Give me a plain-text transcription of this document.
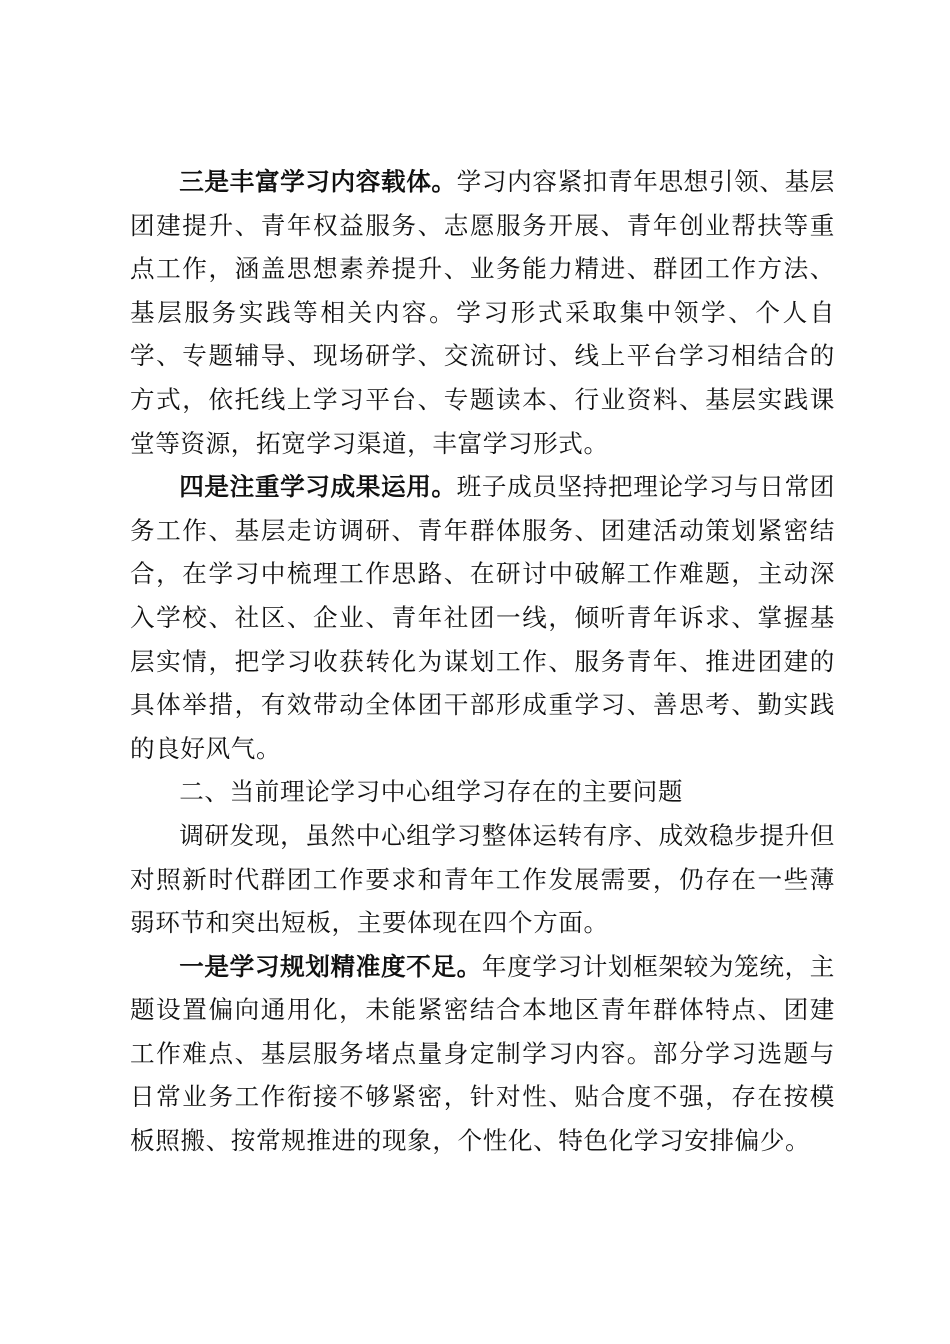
三是丰富学习内容载体。学习内容紧扣青年思想引领、基层团建提升、青年权益服务、志愿服务开展、青年创业帮扶等重点工作，涵盖思想素养提升、业务能力精进、群团工作方法、基层服务实践等相关内容。学习形式采取集中领学、个人自学、专题辅导、现场研学、交流研讨、线上平台学习相结合的方式，依托线上学习平台、专题读本、行业资料、基层实践课堂等资源，拓宽学习渠道，丰富学习形式。

四是注重学习成果运用。班子成员坚持把理论学习与日常团务工作、基层走访调研、青年群体服务、团建活动策划紧密结合，在学习中梳理工作思路、在研讨中破解工作难题，主动深入学校、社区、企业、青年社团一线，倾听青年诉求、掌握基层实情，把学习收获转化为谋划工作、服务青年、推进团建的具体举措，有效带动全体团干部形成重学习、善思考、勤实践的良好风气。

二、当前理论学习中心组学习存在的主要问题

调研发现，虽然中心组学习整体运转有序、成效稳步提升但对照新时代群团工作要求和青年工作发展需要，仍存在一些薄弱环节和突出短板，主要体现在四个方面。

一是学习规划精准度不足。年度学习计划框架较为笼统，主题设置偏向通用化，未能紧密结合本地区青年群体特点、团建工作难点、基层服务堵点量身定制学习内容。部分学习选题与日常业务工作衔接不够紧密，针对性、贴合度不强，存在按模板照搬、按常规推进的现象，个性化、特色化学习安排偏少。
